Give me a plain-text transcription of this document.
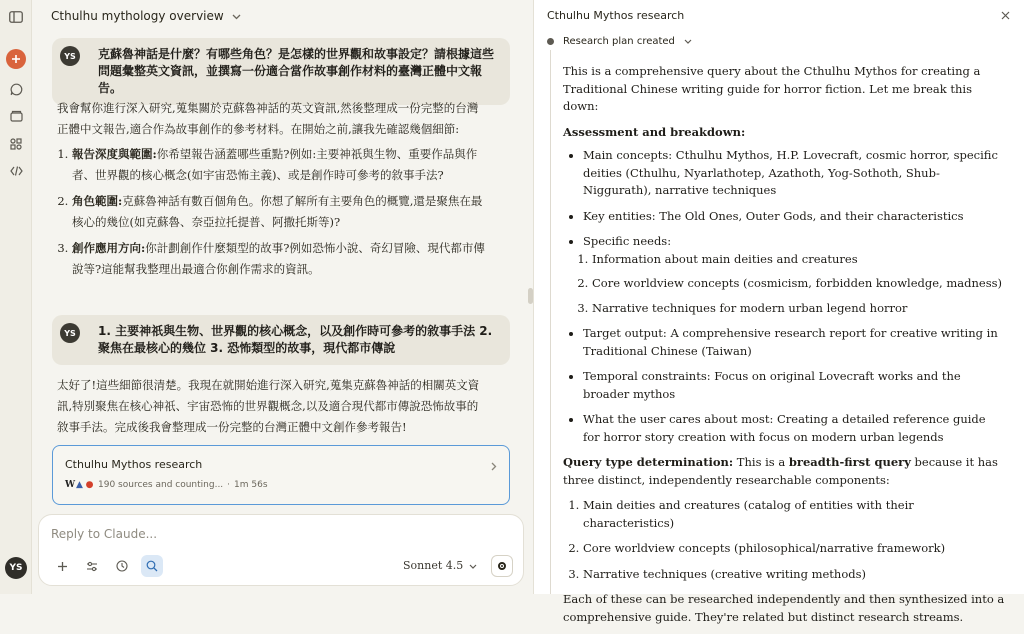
YS
Cthulhu mythology overview
YS	克蘇魯神話是什麼？有哪些角色？是怎樣的世界觀和故事設定？請根據這些問題彙整英文資訊，並撰寫一份適合當作故事創作材料的臺灣正體中文報告。
我會幫你進行深入研究,蒐集關於克蘇魯神話的英文資訊,然後整理成一份完整的台灣正體中文報告,適合作為故事創作的參考材料。在開始之前,讓我先確認幾個細節:
1. 報告深度與範圍:你希望報告涵蓋哪些重點?例如:主要神祇與生物、重要作品與作者、世界觀的核心概念(如宇宙恐怖主義)、或是創作時可參考的敘事手法?
2. 角色範圍:克蘇魯神話有數百個角色。你想了解所有主要角色的概覽,還是聚焦在最核心的幾位(如克蘇魯、奈亞拉托提普、阿撒托斯等)?
3. 創作應用方向:你計劃創作什麼類型的故事?例如恐怖小說、奇幻冒險、現代都市傳說等?這能幫我整理出最適合你創作需求的資訊。
YS	1. 主要神祇與生物、世界觀的核心概念，以及創作時可參考的敘事手法 2. 聚焦在最核心的幾位 3. 恐怖類型的故事，現代都市傳說
太好了!這些細節很清楚。我現在就開始進行深入研究,蒐集克蘇魯神話的相關英文資訊,特別聚焦在核心神祇、宇宙恐怖的世界觀概念,以及適合現代都市傳說恐怖故事的敘事手法。完成後我會整理成一份完整的台灣正體中文創作參考報告!
Cthulhu Mythos research
W ▲ ● 190 sources and counting... · 1m 56s
Reply to Claude...
Sonnet 4.5
Cthulhu Mythos research
Research plan created

This is a comprehensive query about the Cthulhu Mythos for creating a Traditional Chinese writing guide for horror fiction. Let me break this down:

Assessment and breakdown:

• Main concepts: Cthulhu Mythos, H.P. Lovecraft, cosmic horror, specific deities (Cthulhu, Nyarlathotep, Azathoth, Yog-Sothoth, Shub-Niggurath), narrative techniques
• Key entities: The Old Ones, Outer Gods, and their characteristics
• Specific needs:
1. Information about main deities and creatures
2. Core worldview concepts (cosmicism, forbidden knowledge, madness)
3. Narrative techniques for modern urban legend horror
• Target output: A comprehensive research report for creative writing in Traditional Chinese (Taiwan)
• Temporal constraints: Focus on original Lovecraft works and the broader mythos
• What the user cares about most: Creating a detailed reference guide for horror story creation with focus on modern urban legends

Query type determination: This is a breadth-first query because it has three distinct, independently researchable components:

1. Main deities and creatures (catalog of entities with their characteristics)
2. Core worldview concepts (philosophical/narrative framework)
3. Narrative techniques (creative writing methods)

Each of these can be researched independently and then synthesized into a comprehensive guide. They're related but distinct research streams.
